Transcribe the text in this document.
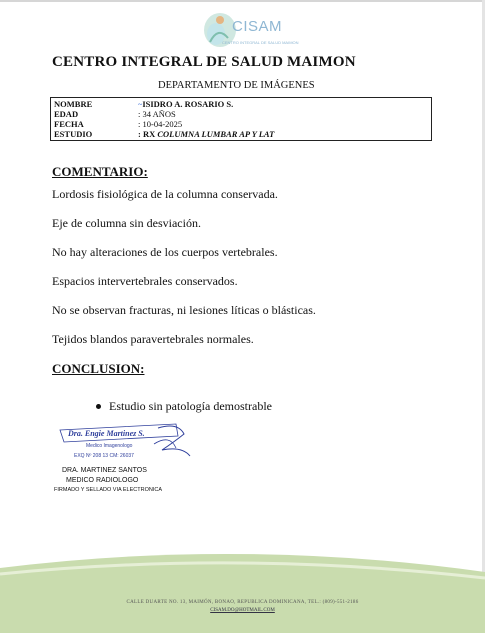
CISAM
CENTRO INTEGRAL DE SALUD MAIMON
CENTRO INTEGRAL DE SALUD MAIMON
DEPARTAMENTO DE IMÁGENES
NOMBRE	~ISIDRO A. ROSARIO S.
EDAD	: 34 AÑOS
FECHA	: 10-04-2025
ESTUDIO	: RX COLUMNA LUMBAR AP Y LAT
COMENTARIO:
Lordosis fisiológica de la columna conservada.
Eje de columna sin desviación.
No hay alteraciones de los cuerpos vertebrales.
Espacios intervertebrales conservados.
No se observan fracturas, ni lesiones líticas o blásticas.
Tejidos blandos paravertebrales normales.
CONCLUSION:
Estudio sin patología demostrable
Dra. Engie Martinez S.
Medico Imagenologo
EXQ Nº 208 13 CM: 26037
DRA. MARTINEZ SANTOS
MEDICO RADIOLOGO
FIRMADO Y SELLADO VIA ELECTRONICA
CALLE DUARTE NO. 13, MAIMÓN, BONAO, REPUBLICA DOMINICANA, TEL.: (809)-551-2186
CISAM.DO@HOTMAIL.COM
